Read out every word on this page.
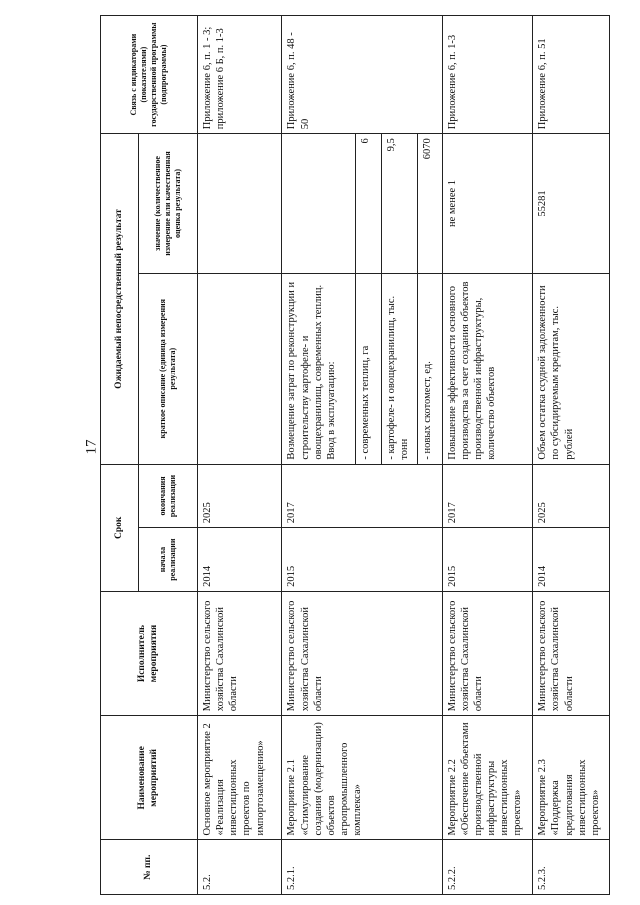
17
№ пп.	Наименование мероприятий	Исполнитель мероприятия	Срок		Ожидаемый непосредственный результат		Связь с индикаторами (показателями) государственной программы (подпрограммы)
			начала реализации	окончания реализации	краткое описание (единица измерения результата)	значение (количественное измерение или качественная оценка результата)	
5.2.	Основное мероприятие 2 «Реализация инвестиционных проектов по импортозамещению»	Министерство сельского хозяйства Сахалинской области	2014	2025			Приложение 6, п. 1 - 3; приложение 6 Б, п. 1-3
5.2.1.	Мероприятие 2.1 «Стимулирование создания (модернизации) объектов агропромышленного комплекса»	Министерство сельского хозяйства Сахалинской области	2015	2017	Возмещение затрат по реконструкции и строительству картофеле- и овощехранилищ, современных теплиц. Ввод в эксплуатацию:		Приложение 6, п. 48 - 50
					- современных теплиц, га	6	
					- картофеле- и овощехранилищ, тыс. тонн	9,5	
					- новых скотомест, ед.	6070	
5.2.2.	Мероприятие 2.2 «Обеспечение объектами производственной инфраструктуры инвестиционных проектов»	Министерство сельского хозяйства Сахалинской области	2015	2017	Повышение эффективности основного производства за счет создания объектов производственной инфраструктуры, количество объектов	не менее 1	Приложение 6, п. 1-3
5.2.3.	Мероприятие 2.3 «Поддержка кредитования инвестиционных проектов»	Министерство сельского хозяйства Сахалинской области	2014	2025	Объем остатка ссудной задолженности по субсидируемым кредитам, тыс. рублей	55281	Приложение 6, п. 51
